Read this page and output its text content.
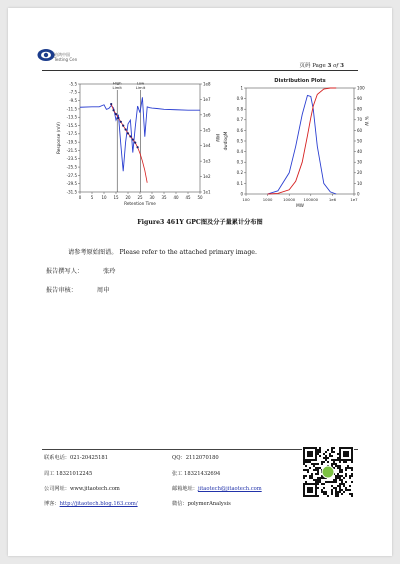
铂鸿中国
Testing Cen
页码 Page 3 of 3
-5.5
-7.5
-9.5
-11.5
-13.5
-15.5
-17.5
-19.5
-21.5
-23.5
-25.5
-27.5
-29.5
-31.5
0 5 10 15 20 25 30 35 40 45 50
1e8
1e7
1e6
1e5
1e4
1e3
1e2
1e1
Retention Time
Response (mV)	MW
High
Limit
Low
Limit
Distribution Plots
0
0.1
0.2
0.3
0.4
0.5
0.6
0.7
0.8
0.9
1
0
10
20
30
40
50
60
70
80
90
100
100	1000	10000 100000	1e6	1e7
MW
dwdlogM
% W
Figure3 461Y GPC图及分子量累计分布图
请参考原始图谱。 Please refer to the attached primary image.
报告撰写人：	张玲
报告审核：	周申
联系电话：021-20425181	QQ：2112070180
周工 18321012245	张工 18321432694
公司网址：www.jitaotech.com	邮箱地址：jitaotech@jitaotech.com
博客：http://jitaotech.blog.163.com/	微信：polymerAnalysis
